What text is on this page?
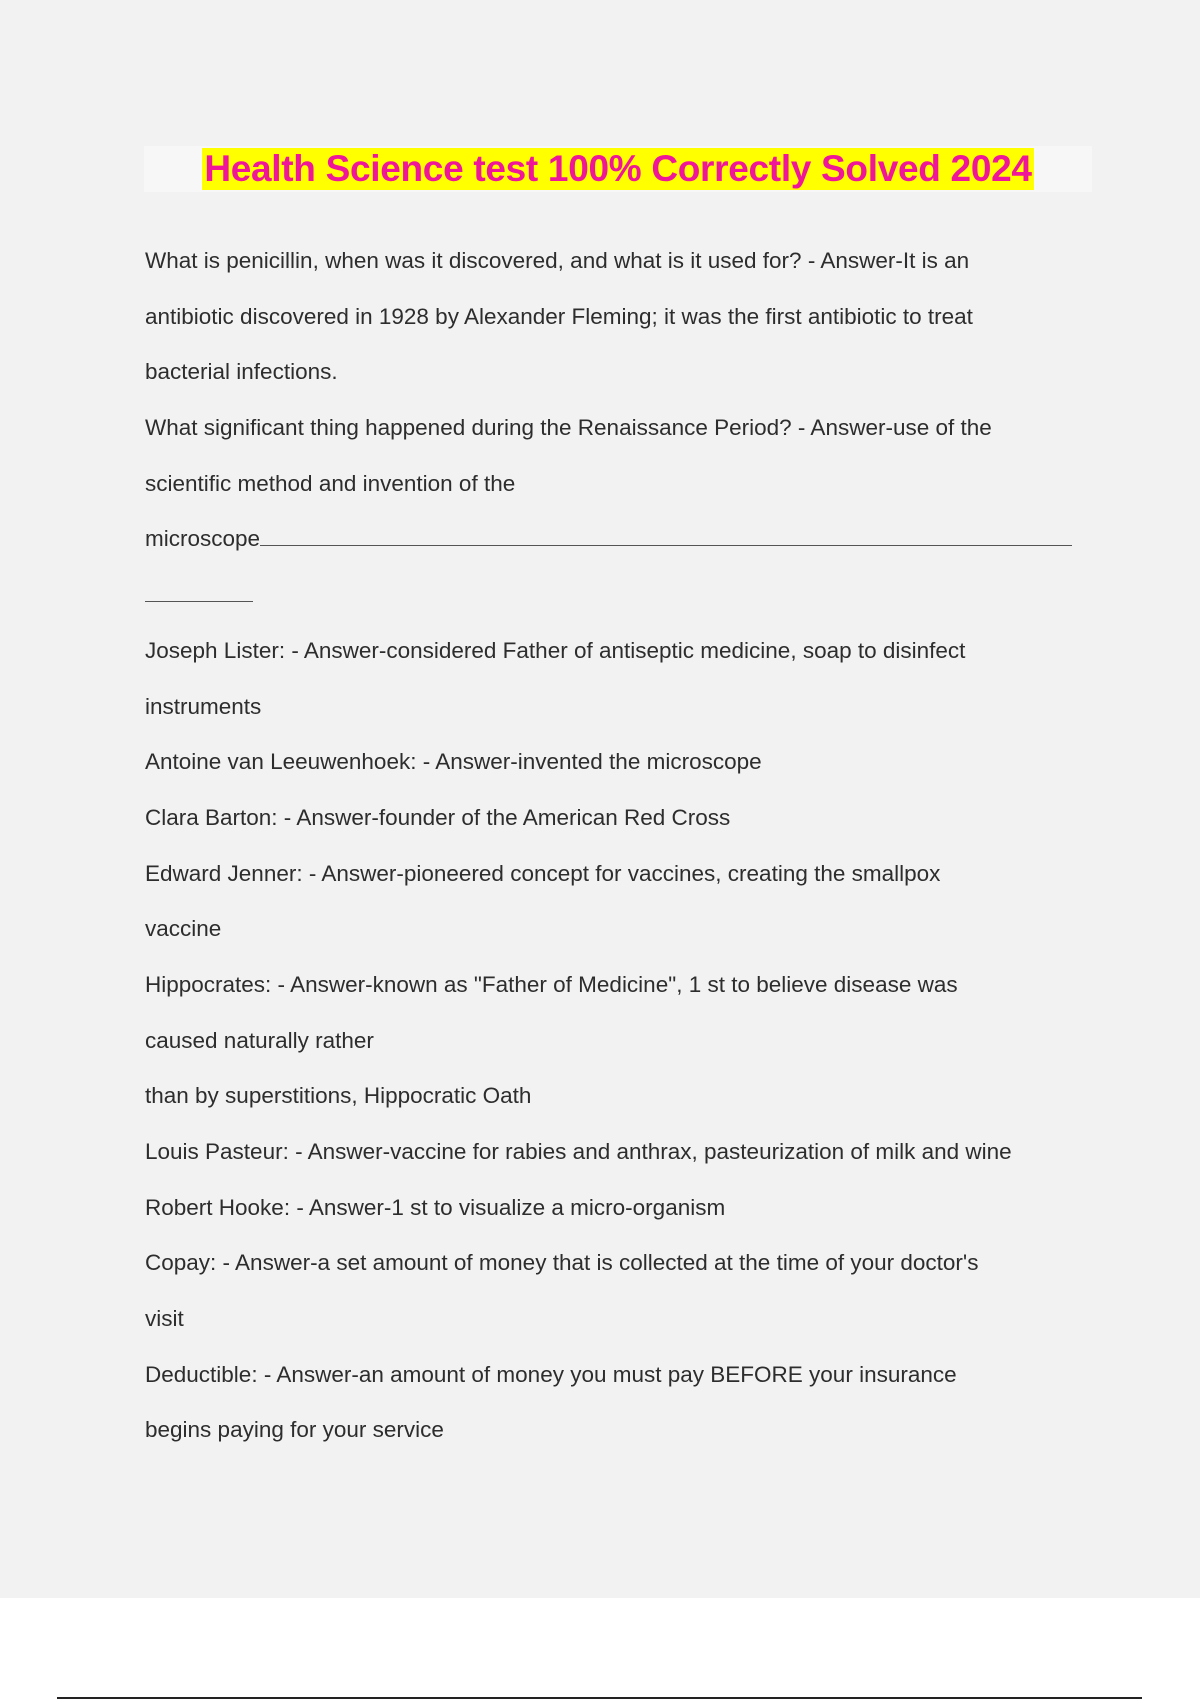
Health Science test 100% Correctly Solved 2024
What is penicillin, when was it discovered, and what is it used for? - Answer-It is an
antibiotic discovered in 1928 by Alexander Fleming; it was the first antibiotic to treat
bacterial infections.
What significant thing happened during the Renaissance Period? - Answer-use of the
scientific method and invention of the
microscope
Joseph Lister: - Answer-considered Father of antiseptic medicine, soap to disinfect
instruments
Antoine van Leeuwenhoek: - Answer-invented the microscope
Clara Barton: - Answer-founder of the American Red Cross
Edward Jenner: - Answer-pioneered concept for vaccines, creating the smallpox
vaccine
Hippocrates: - Answer-known as "Father of Medicine", 1 st to believe disease was
caused naturally rather
than by superstitions, Hippocratic Oath
Louis Pasteur: - Answer-vaccine for rabies and anthrax, pasteurization of milk and wine
Robert Hooke: - Answer-1 st to visualize a micro-organism
Copay: - Answer-a set amount of money that is collected at the time of your doctor's
visit
Deductible: - Answer-an amount of money you must pay BEFORE your insurance
begins paying for your service
